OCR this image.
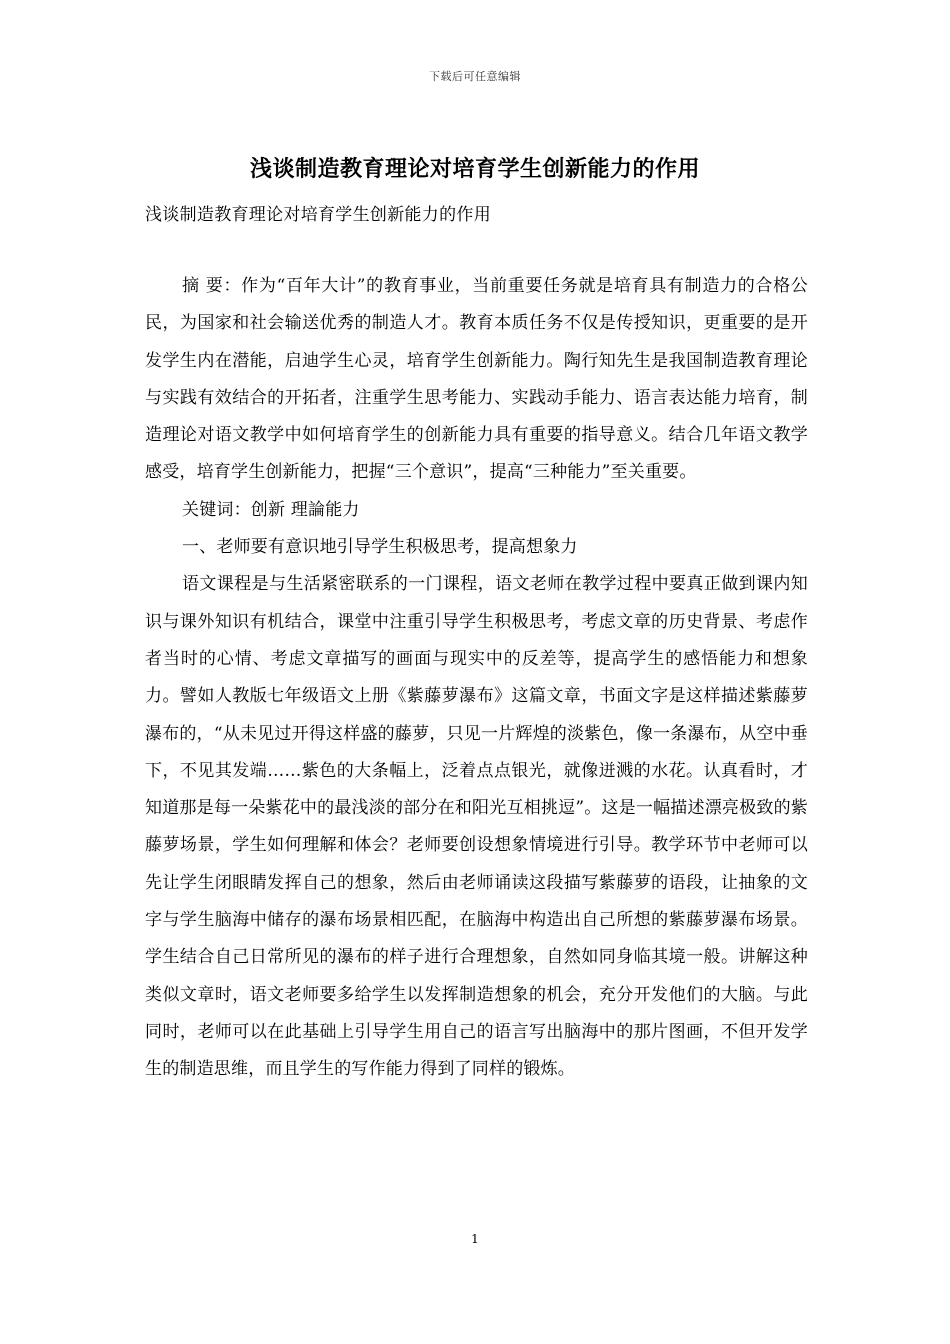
下载后可任意编辑
浅谈制造教育理论对培育学生创新能力的作用
浅谈制造教育理论对培育学生创新能力的作用

摘 要：作为“百年大计”的教育事业，当前重要任务就是培育具有制造力的合格公民，为国家和社会输送优秀的制造人才。教育本质任务不仅是传授知识，更重要的是开发学生内在潜能，启迪学生心灵，培育学生创新能力。陶行知先生是我国制造教育理论与实践有效结合的开拓者，注重学生思考能力、实践动手能力、语言表达能力培育，制造理论对语文教学中如何培育学生的创新能力具有重要的指导意义。结合几年语文教学感受，培育学生创新能力，把握“三个意识”，提高“三种能力”至关重要。

关键词：创新 理論能力

一、老师要有意识地引导学生积极思考，提高想象力

语文课程是与生活紧密联系的一门课程，语文老师在教学过程中要真正做到课内知识与课外知识有机结合，课堂中注重引导学生积极思考，考虑文章的历史背景、考虑作者当时的心情、考虑文章描写的画面与现实中的反差等，提高学生的感悟能力和想象力。譬如人教版七年级语文上册《紫藤萝瀑布》这篇文章，书面文字是这样描述紫藤萝瀑布的，“从未见过开得这样盛的藤萝，只见一片辉煌的淡紫色，像一条瀑布，从空中垂下，不见其发端……紫色的大条幅上，泛着点点银光，就像迸溅的水花。认真看时，才知道那是每一朵紫花中的最浅淡的部分在和阳光互相挑逗”。这是一幅描述漂亮极致的紫藤萝场景，学生如何理解和体会？老师要创设想象情境进行引导。教学环节中老师可以先让学生闭眼睛发挥自己的想象，然后由老师诵读这段描写紫藤萝的语段，让抽象的文字与学生脑海中储存的瀑布场景相匹配，在脑海中构造出自己所想的紫藤萝瀑布场景。学生结合自己日常所见的瀑布的样子进行合理想象，自然如同身临其境一般。讲解这种类似文章时，语文老师要多给学生以发挥制造想象的机会，充分开发他们的大脑。与此同时，老师可以在此基础上引导学生用自己的语言写出脑海中的那片图画，不但开发学生的制造思维，而且学生的写作能力得到了同样的锻炼。

1
